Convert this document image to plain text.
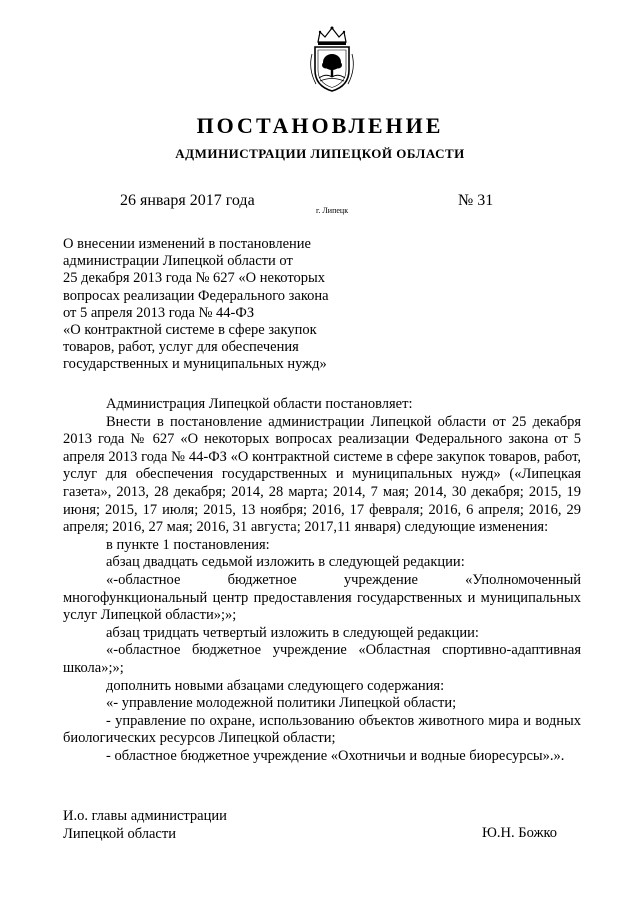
ПОСТАНОВЛЕНИЕ
АДМИНИСТРАЦИИ ЛИПЕЦКОЙ ОБЛАСТИ
26 января 2017 года
г. Липецк
№ 31
О внесении изменений в постановление
администрации Липецкой области от
25 декабря 2013 года № 627 «О некоторых
вопросах реализации Федерального закона
от 5 апреля 2013 года № 44-ФЗ
«О контрактной системе в сфере закупок
товаров, работ, услуг для обеспечения
государственных и муниципальных нужд»

Администрация Липецкой области постановляет:

Внести в постановление администрации Липецкой области от 25 декабря 2013 года № 627 «О некоторых вопросах реализации Федерального закона от 5 апреля 2013 года № 44-ФЗ «О контрактной системе в сфере закупок товаров, работ, услуг для обеспечения государственных и муниципальных нужд» («Липецкая газета», 2013, 28 декабря; 2014, 28 марта; 2014, 7 мая; 2014, 30 декабря; 2015, 19 июня; 2015, 17 июля; 2015, 13 ноября; 2016, 17 февраля; 2016, 6 апреля; 2016, 29 апреля; 2016, 27 мая; 2016, 31 августа; 2017,11 января) следующие изменения:

в пункте 1 постановления:

абзац двадцать седьмой изложить в следующей редакции:

«-областное бюджетное учреждение «Уполномоченный многофункциональный центр предоставления государственных и муниципальных услуг Липецкой области»;»;

абзац тридцать четвертый изложить в следующей редакции:

«-областное бюджетное учреждение «Областная спортивно-адаптивная школа»;»;

дополнить новыми абзацами следующего содержания:

«- управление молодежной политики Липецкой области;

- управление по охране, использованию объектов животного мира и водных биологических ресурсов Липецкой области;

- областное бюджетное учреждение «Охотничьи и водные биоресурсы».».

И.о. главы администрации
Липецкой области	Ю.Н. Божко
